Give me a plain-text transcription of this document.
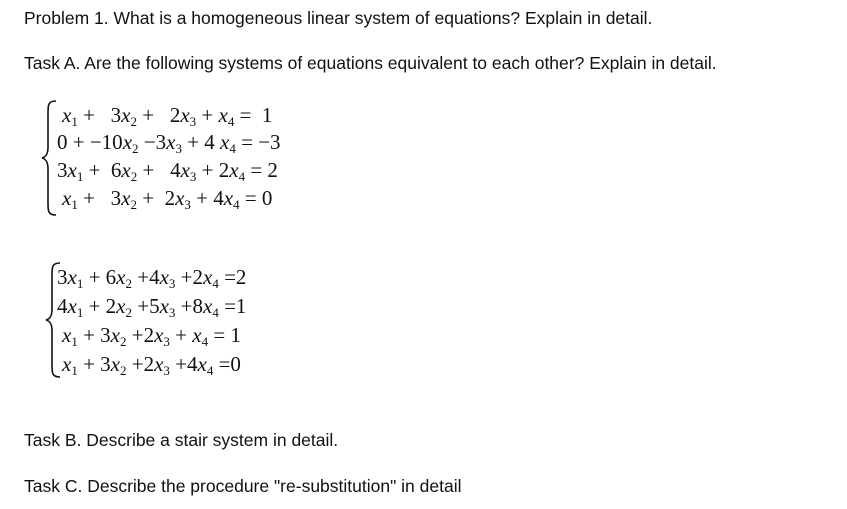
Problem 1. What is a homogeneous linear system of equations? Explain in detail.

Task A. Are the following systems of equations equivalent to each other? Explain in detail.

$x_1 + 3x_2 + 2x_3 + x_4 = 1$
$0 + -10x_2 -3x_3 + 4$ $x_4 = -3$
$3x_1 + 6x_2 + 4x_3 + 2x_4 = 2$
$x_1 + 3x_2 + 2x_3 + 4x_4 = 0$
$3x_1 + 6x_2 +4x_3 +2x_4 =2$
$4x_1 + 2x_2 +5x_3 +8x_4 =1$
$x_1 + 3x_2 +2x_3 + x_4 = 1$
$x_1 + 3x_2 +2x_3 +4x_4 =0$

Task B. Describe a stair system in detail.

Task C. Describe the procedure "re-substitution" in detail
